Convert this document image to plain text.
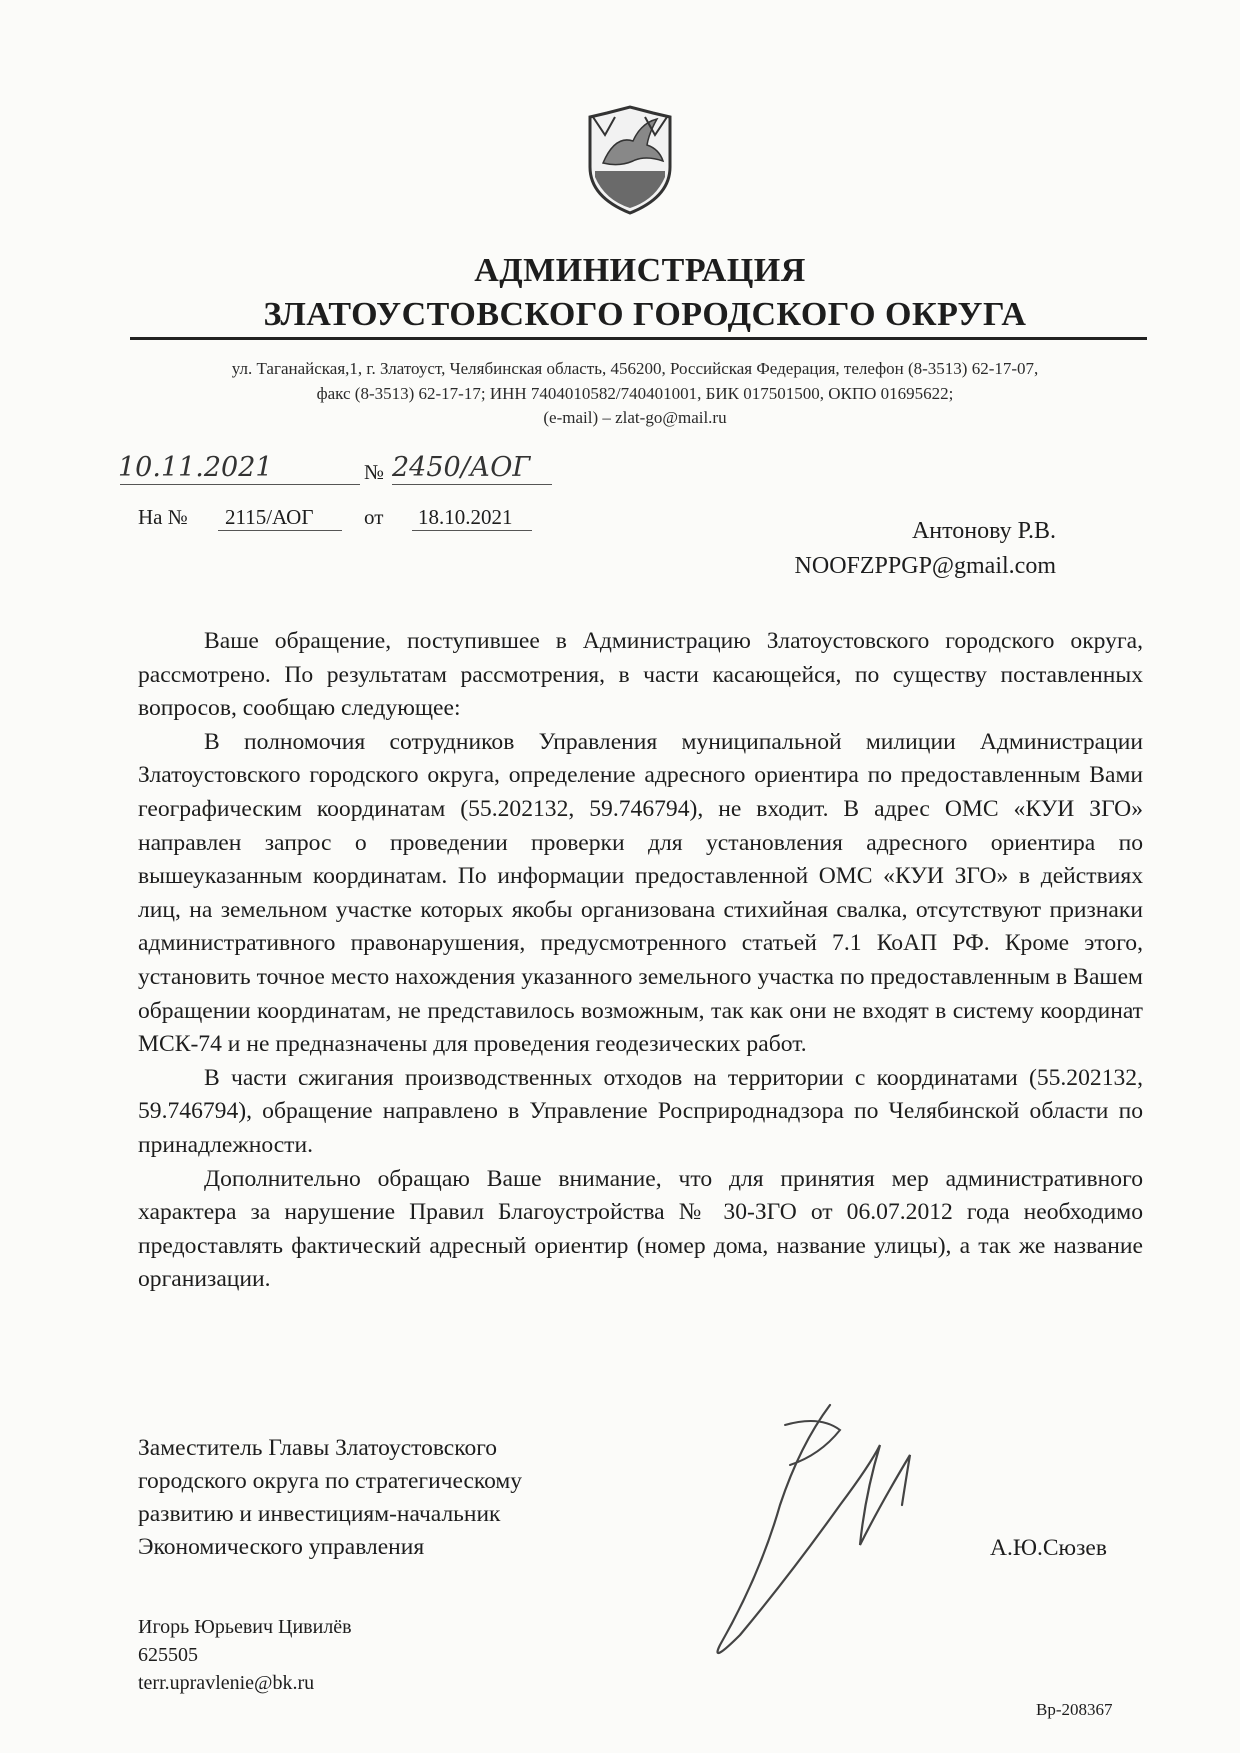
АДМИНИСТРАЦИЯ
ЗЛАТОУСТОВСКОГО ГОРОДСКОГО ОКРУГА
ул. Таганайская,1, г. Златоуст, Челябинская область, 456200, Российская Федерация, телефон (8-3513) 62-17-07,
факс (8-3513) 62-17-17; ИНН 7404010582/740401001, БИК 017501500, ОКПО 01695622;
(e-mail) – zlat-go@mail.ru
10.11.2021	№ 2450/АОГ
На № 2115/АОГ от 18.10.2021
Антонову Р.В.
NOOFZPPGP@gmail.com

Ваше обращение, поступившее в Администрацию Златоустовского городского округа, рассмотрено. По результатам рассмотрения, в части касающейся, по существу поставленных вопросов, сообщаю следующее:

В полномочия сотрудников Управления муниципальной милиции Администрации Златоустовского городского округа, определение адресного ориентира по предоставленным Вами географическим координатам (55.202132, 59.746794), не входит. В адрес ОМС «КУИ ЗГО» направлен запрос о проведении проверки для установления адресного ориентира по вышеуказанным координатам. По информации предоставленной ОМС «КУИ ЗГО» в действиях лиц, на земельном участке которых якобы организована стихийная свалка, отсутствуют признаки административного правонарушения, предусмотренного статьей 7.1 КоАП РФ. Кроме этого, установить точное место нахождения указанного земельного участка по предоставленным в Вашем обращении координатам, не представилось возможным, так как они не входят в систему координат МСК-74 и не предназначены для проведения геодезических работ.

В части сжигания производственных отходов на территории с координатами (55.202132, 59.746794), обращение направлено в Управление Росприроднадзора по Челябинской области по принадлежности.

Дополнительно обращаю Ваше внимание, что для принятия мер административного характера за нарушение Правил Благоустройства № 30-ЗГО от 06.07.2012 года необходимо предоставлять фактический адресный ориентир (номер дома, название улицы), а так же название организации.

Заместитель Главы Златоустовского
городского округа по стратегическому
развитию и инвестициям-начальник
Экономического управления	А.Ю.Сюзев
Игорь Юрьевич Цивилёв
625505
terr.upravlenie@bk.ru
Вр-208367
